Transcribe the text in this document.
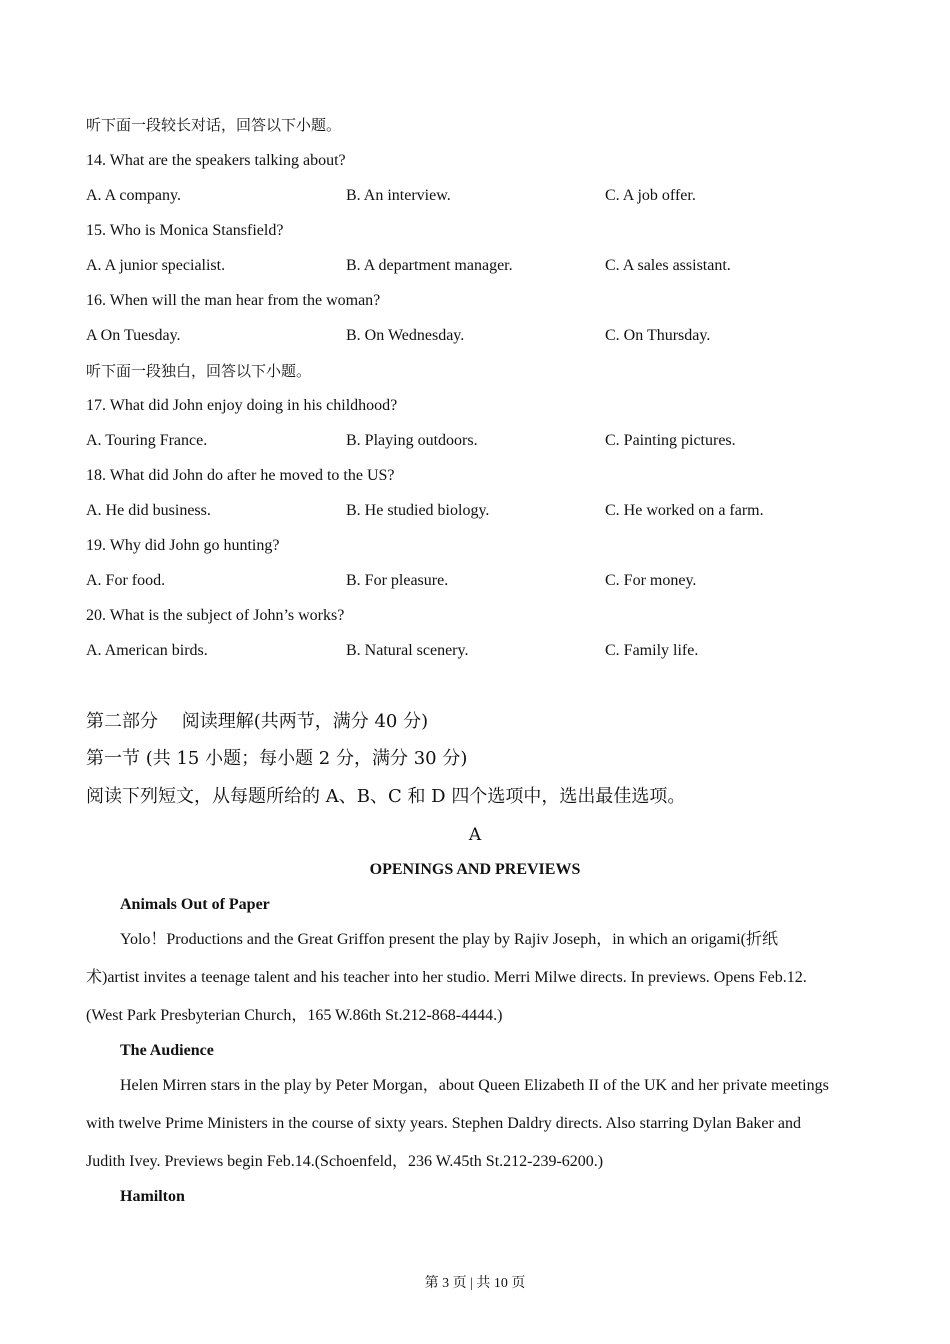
听下面一段较长对话，回答以下小题。
14. What are the speakers talking about?
A. A company.	B. An interview.	C. A job offer.
15. Who is Monica Stansfield?
A. A junior specialist.	B. A department manager.	C. A sales assistant.
16. When will the man hear from the woman?
A On Tuesday.	B. On Wednesday.	C. On Thursday.
听下面一段独白，回答以下小题。
17. What did John enjoy doing in his childhood?
A. Touring France.	B. Playing outdoors.	C. Painting pictures.
18. What did John do after he moved to the US?
A. He did business.	B. He studied biology.	C. He worked on a farm.
19. Why did John go hunting?
A. For food.	B. For pleasure.	C. For money.
20. What is the subject of John’s works?
A. American birds.	B. Natural scenery.	C. Family life.
第二部分　 阅读理解(共两节，满分 40 分)
第一节 (共 15 小题；每小题 2 分，满分 30 分)
阅读下列短文，从每题所给的 A、B、C 和 D 四个选项中，选出最佳选项。
A
OPENINGS AND PREVIEWS
Animals Out of Paper
Yolo！Productions and the Great Griffon present the play by Rajiv Joseph，in which an origami(折纸
术)artist invites a teenage talent and his teacher into her studio. Merri Milwe directs. In previews. Opens Feb.12.
(West Park Presbyterian Church，165 W.86th St.212-868-4444.)
The Audience
Helen Mirren stars in the play by Peter Morgan，about Queen Elizabeth II of the UK and her private meetings
with twelve Prime Ministers in the course of sixty years. Stephen Daldry directs. Also starring Dylan Baker and
Judith Ivey. Previews begin Feb.14.(Schoenfeld，236 W.45th St.212-239-6200.)
Hamilton
第 3 页 | 共 10 页
